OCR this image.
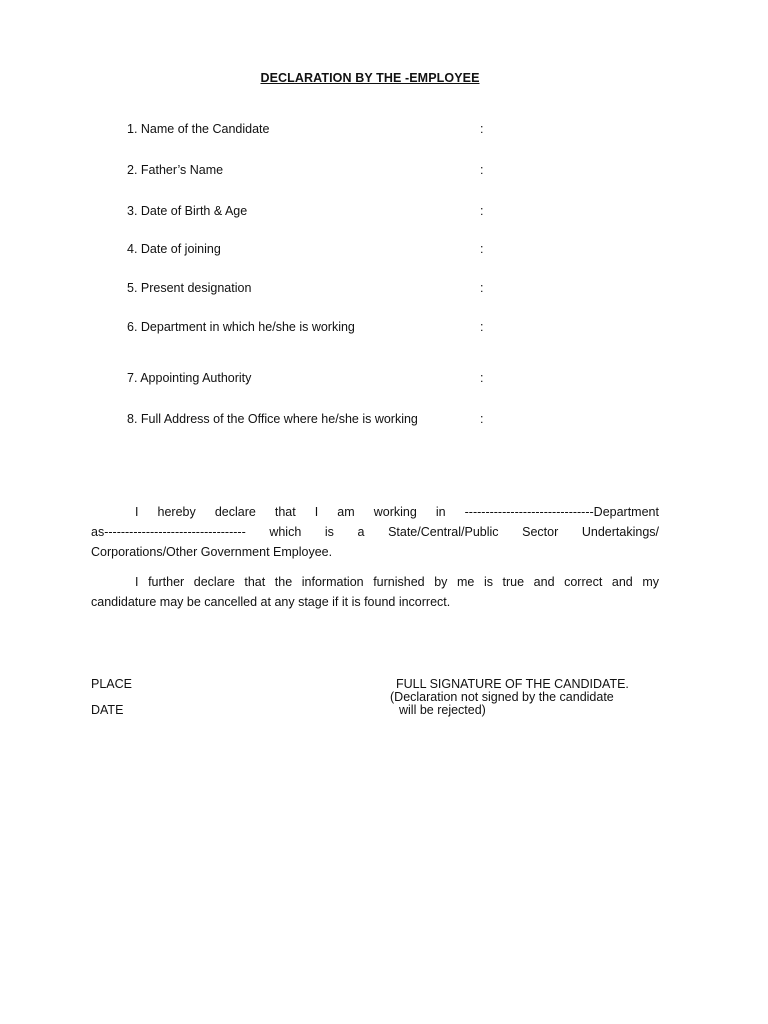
DECLARATION BY THE -EMPLOYEE
1. Name of the Candidate	:
2. Father’s Name	:
3. Date of Birth & Age	:
4. Date of joining	:
5. Present designation	:
6. Department in which he/she is working	:
7. Appointing Authority	:
8. Full Address of the Office where he/she is working	:
I hereby declare that I am working in -------------------------------Department
as---------------------------------- which is a State/Central/Public Sector Undertakings/
Corporations/Other Government Employee.
I further declare that the information furnished by me is true and correct and my
candidature may be cancelled at any stage if it is found incorrect.
PLACE
DATE
FULL SIGNATURE OF THE CANDIDATE.
(Declaration not signed by the candidate
will be rejected)
